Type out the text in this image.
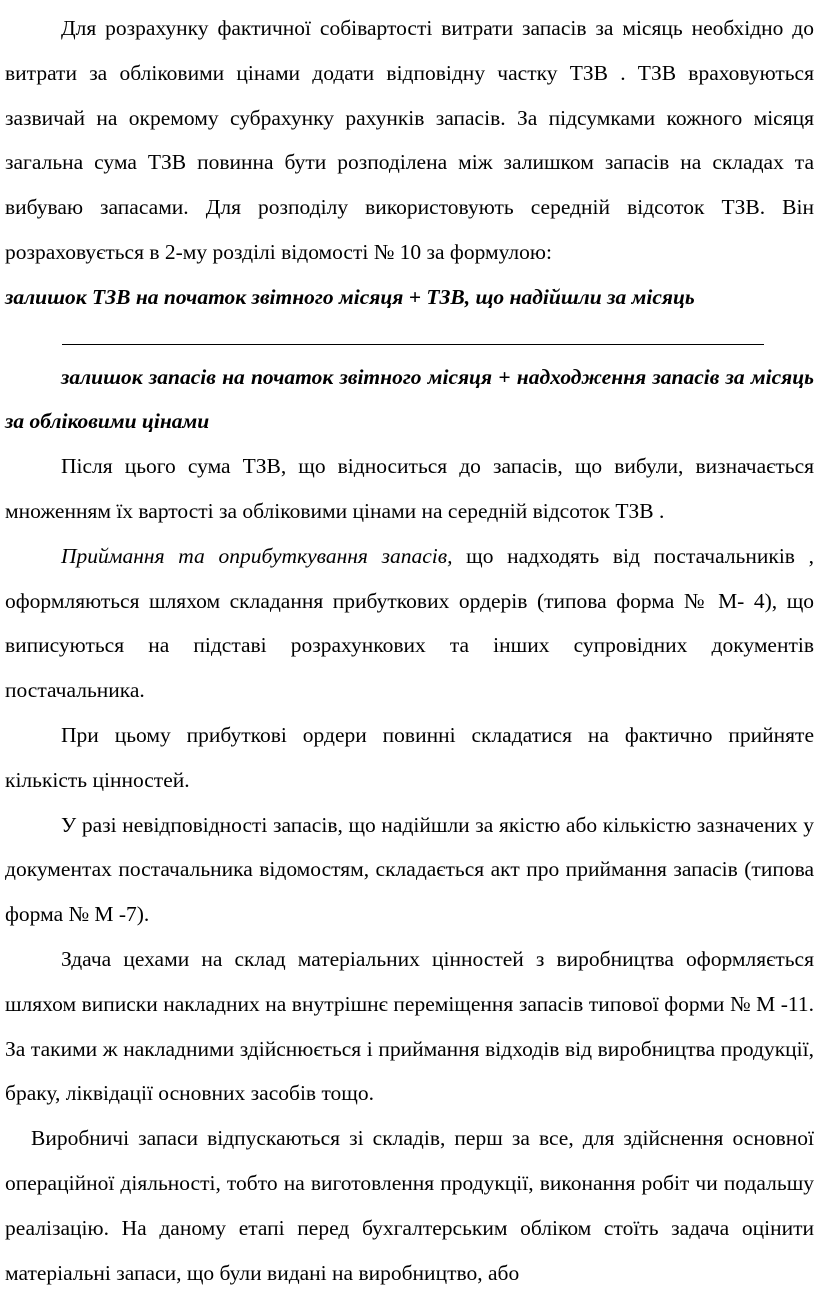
Для розрахунку фактичної собівартості витрати запасів за місяць необхідно до витрати за обліковими цінами додати відповідну частку ТЗВ . ТЗВ враховуються зазвичай на окремому субрахунку рахунків запасів. За підсумками кожного місяця загальна сума ТЗВ повинна бути розподілена між залишком запасів на складах та вибуваю запасами. Для розподілу використовують середній відсоток ТЗВ. Він розраховується в 2-му розділі відомості № 10 за формулою:

залишок ТЗВ на початок звітного місяця + ТЗВ, що надійшли за місяць

залишок запасів на початок звітного місяця + надходження запасів за місяць за обліковими цінами

Після цього сума ТЗВ, що відноситься до запасів, що вибули, визначається множенням їх вартості за обліковими цінами на середній відсоток ТЗВ .

Приймання та оприбуткування запасів, що надходять від постачальників , оформляються шляхом складання прибуткових ордерів (типова форма № М- 4), що виписуються на підставі розрахункових та інших супровідних документів постачальника.

При цьому прибуткові ордери повинні складатися на фактично прийняте кількість цінностей.

У разі невідповідності запасів, що надійшли за якістю або кількістю зазначених у документах постачальника відомостям, складається акт про приймання запасів (типова форма № М -7).

Здача цехами на склад матеріальних цінностей з виробництва оформляється шляхом виписки накладних на внутрішнє переміщення запасів типової форми № М -11. За такими ж накладними здійснюється і приймання відходів від виробництва продукції, браку, ліквідації основних засобів тощо.

Виробничі запаси відпускаються зі складів, перш за все, для здійснення основної операційної діяльності, тобто на виготовлення продукції, виконання робіт чи подальшу реалізацію. На даному етапі перед бухгалтерським обліком стоїть задача оцінити матеріальні запаси, що були видані на виробництво, або
